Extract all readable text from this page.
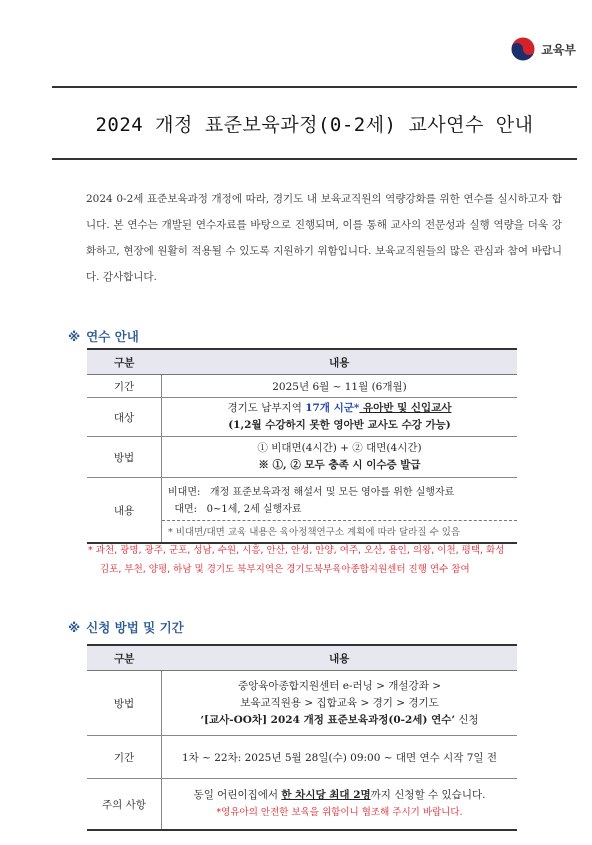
교육부
2024 개정 표준보육과정(0-2세) 교사연수 안내
2024 0-2세 표준보육과정 개정에 따라, 경기도 내 보육교직원의 역량강화를 위한 연수를 실시하고자 합니다. 본 연수는 개발된 연수자료를 바탕으로 진행되며, 이를 통해 교사의 전문성과 실행 역량을 더욱 강화하고, 현장에 원활히 적용될 수 있도록 지원하기 위함입니다. 보육교직원들의 많은 관심과 참여 바랍니다. 감사합니다.
※ 연수 안내
구분	내용
기간	2025년 6월 ~ 11월 (6개월)
대상	경기도 남부지역 17개 시군* 유아반 및 신입교사
(1,2월 수강하지 못한 영아반 교사도 수강 가능)

방법	① 비대면(4시간) + ② 대면(4시간)
※ ①, ② 모두 충족 시 이수증 발급

내용	비대면: 개정 표준보육과정 해설서 및 모든 영아를 위한 실행자료
대면: 0~1세, 2세 실행자료
* 비대면/대면 교육 내용은 육아정책연구소 계획에 따라 달라질 수 있음
* 과천, 광명, 광주, 군포, 성남, 수원, 시흥, 안산, 안성, 안양, 여주, 오산, 용인, 의왕, 이천, 평택, 화성
김포, 부천, 양평, 하남 및 경기도 북부지역은 경기도북부육아종합지원센터 진행 연수 참여
※ 신청 방법 및 기간
구분	내용
방법	중앙육아종합지원센터 e-러닝 > 개설강좌 >
보육교직원용 > 집합교육 > 경기 > 경기도
‘[교사-OO차] 2024 개정 표준보육과정(0-2세) 연수’ 신청

기간	1차 ~ 22차: 2025년 5월 28일(수) 09:00 ~ 대면 연수 시작 7일 전
주의 사항	동일 어린이집에서 한 차시당 최대 2명까지 신청할 수 있습니다.
*영유아의 안전한 보육을 위함이니 협조해 주시기 바랍니다.
